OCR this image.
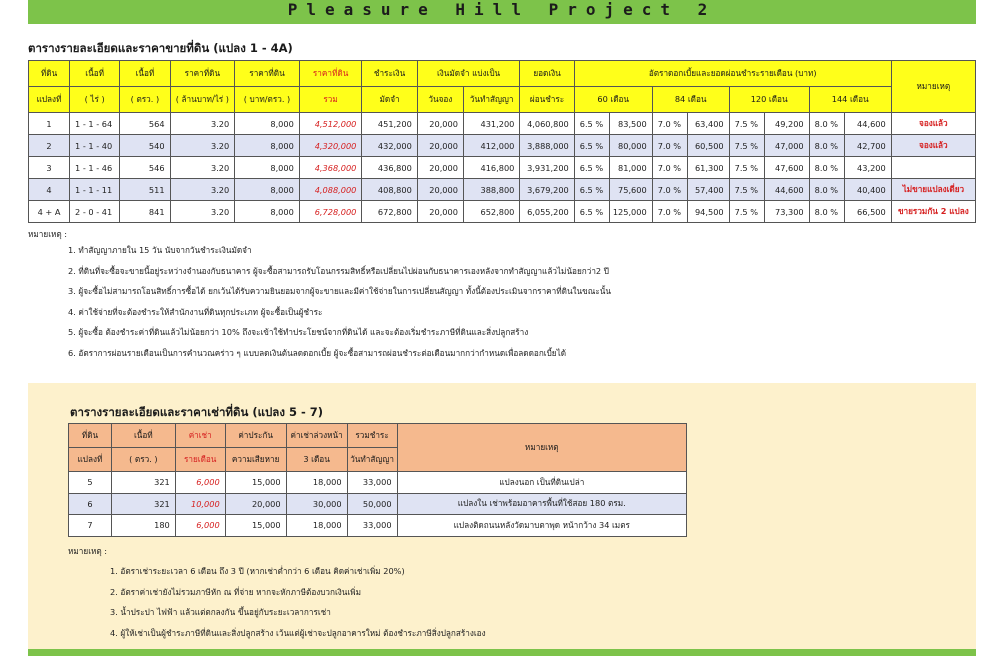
Pleasure Hill Project 2
ตารางรายละเอียดและราคาขายที่ดิน (แปลง 1 - 4A)
ที่ดิน	เนื้อที่	เนื้อที่	ราคาที่ดิน	ราคาที่ดิน	ราคาที่ดิน	ชำระเงิน	เงินมัดจำ แบ่งเป็น		ยอดเงิน	อัตราดอกเบี้ยและยอดผ่อนชำระรายเดือน (บาท)								หมายเหตุ
แปลงที่	( ไร่ )	( ตรว. )	( ล้านบาท/ไร่ )	( บาท/ตรว. )	รวม	มัดจำ	วันจอง	วันทำสัญญา	ผ่อนชำระ	60 เดือน		84 เดือน		120 เดือน		144 เดือน		
1	1 - 1 - 64	564	3.20	8,000	4,512,000	451,200	20,000	431,200	4,060,800	6.5 %	83,500	7.0 %	63,400	7.5 %	49,200	8.0 %	44,600	จองแล้ว
2	1 - 1 - 40	540	3.20	8,000	4,320,000	432,000	20,000	412,000	3,888,000	6.5 %	80,000	7.0 %	60,500	7.5 %	47,000	8.0 %	42,700	จองแล้ว
3	1 - 1 - 46	546	3.20	8,000	4,368,000	436,800	20,000	416,800	3,931,200	6.5 %	81,000	7.0 %	61,300	7.5 %	47,600	8.0 %	43,200	
4	1 - 1 - 11	511	3.20	8,000	4,088,000	408,800	20,000	388,800	3,679,200	6.5 %	75,600	7.0 %	57,400	7.5 %	44,600	8.0 %	40,400	ไม่ขายแปลงเดี่ยว
4 + A	2 - 0 - 41	841	3.20	8,000	6,728,000	672,800	20,000	652,800	6,055,200	6.5 %	125,000	7.0 %	94,500	7.5 %	73,300	8.0 %	66,500	ขายรวมกัน 2 แปลง
หมายเหตุ :
1. ทำสัญญาภายใน 15 วัน นับจากวันชำระเงินมัดจำ
2. ที่ดินที่จะซื้อจะขายนี้อยู่ระหว่างจำนองกับธนาคาร ผู้จะซื้อสามารถรับโอนกรรมสิทธิ์หรือเปลี่ยนไปผ่อนกับธนาคารเองหลังจากทำสัญญาแล้วไม่น้อยกว่า2 ปี
3. ผู้จะซื้อไม่สามารถโอนสิทธิ์การซื้อได้ ยกเว้นได้รับความยินยอมจากผู้จะขายและมีค่าใช้จ่ายในการเปลี่ยนสัญญา ทั้งนี้ต้องประเมินจากราคาที่ดินในขณะนั้น
4. ค่าใช้จ่ายที่จะต้องชำระให้สำนักงานที่ดินทุกประเภท ผู้จะซื้อเป็นผู้ชำระ
5. ผู้จะซื้อ ต้องชำระค่าที่ดินแล้วไม่น้อยกว่า 10% ถึงจะเข้าใช้ทำประโยชน์จากที่ดินได้ และจะต้องเริ่มชำระภาษีที่ดินและสิ่งปลูกสร้าง
6. อัตราการผ่อนรายเดือนเป็นการคำนวณคร่าว ๆ แบบลดเงินต้นลดดอกเบี้ย ผู้จะซื้อสามารถผ่อนชำระต่อเดือนมากกว่ากำหนดเพื่อลดดอกเบี้ยได้
ตารางรายละเอียดและราคาเช่าที่ดิน (แปลง 5 - 7)
ที่ดิน	เนื้อที่	ค่าเช่า	ค่าประกัน	ค่าเช่าล่วงหน้า	รวมชำระ	หมายเหตุ
แปลงที่	( ตรว. )	รายเดือน	ความเสียหาย	3 เดือน	วันทำสัญญา	
5	321	6,000	15,000	18,000	33,000	แปลงนอก เป็นที่ดินเปล่า
6	321	10,000	20,000	30,000	50,000	แปลงใน เช่าพร้อมอาคารพื้นที่ใช้สอย 180 ตรม.
7	180	6,000	15,000	18,000	33,000	แปลงติดถนนหลังวัดมาบตาพุด หน้ากว้าง 34 เมตร
หมายเหตุ :
1. อัตราเช่าระยะเวลา 6 เดือน ถึง 3 ปี (หากเช่าต่ำกว่า 6 เดือน คิดค่าเช่าเพิ่ม 20%)
2. อัตราค่าเช่ายังไม่รวมภาษีหัก ณ ที่จ่าย หากจะหักภาษีต้องบวกเงินเพิ่ม
3. น้ำประปา ไฟฟ้า แล้วแต่ตกลงกัน ขึ้นอยู่กับระยะเวลาการเช่า
4. ผู้ให้เช่าเป็นผู้ชำระภาษีที่ดินและสิ่งปลูกสร้าง เว้นแต่ผู้เช่าจะปลูกอาคารใหม่ ต้องชำระภาษีสิ่งปลูกสร้างเอง
